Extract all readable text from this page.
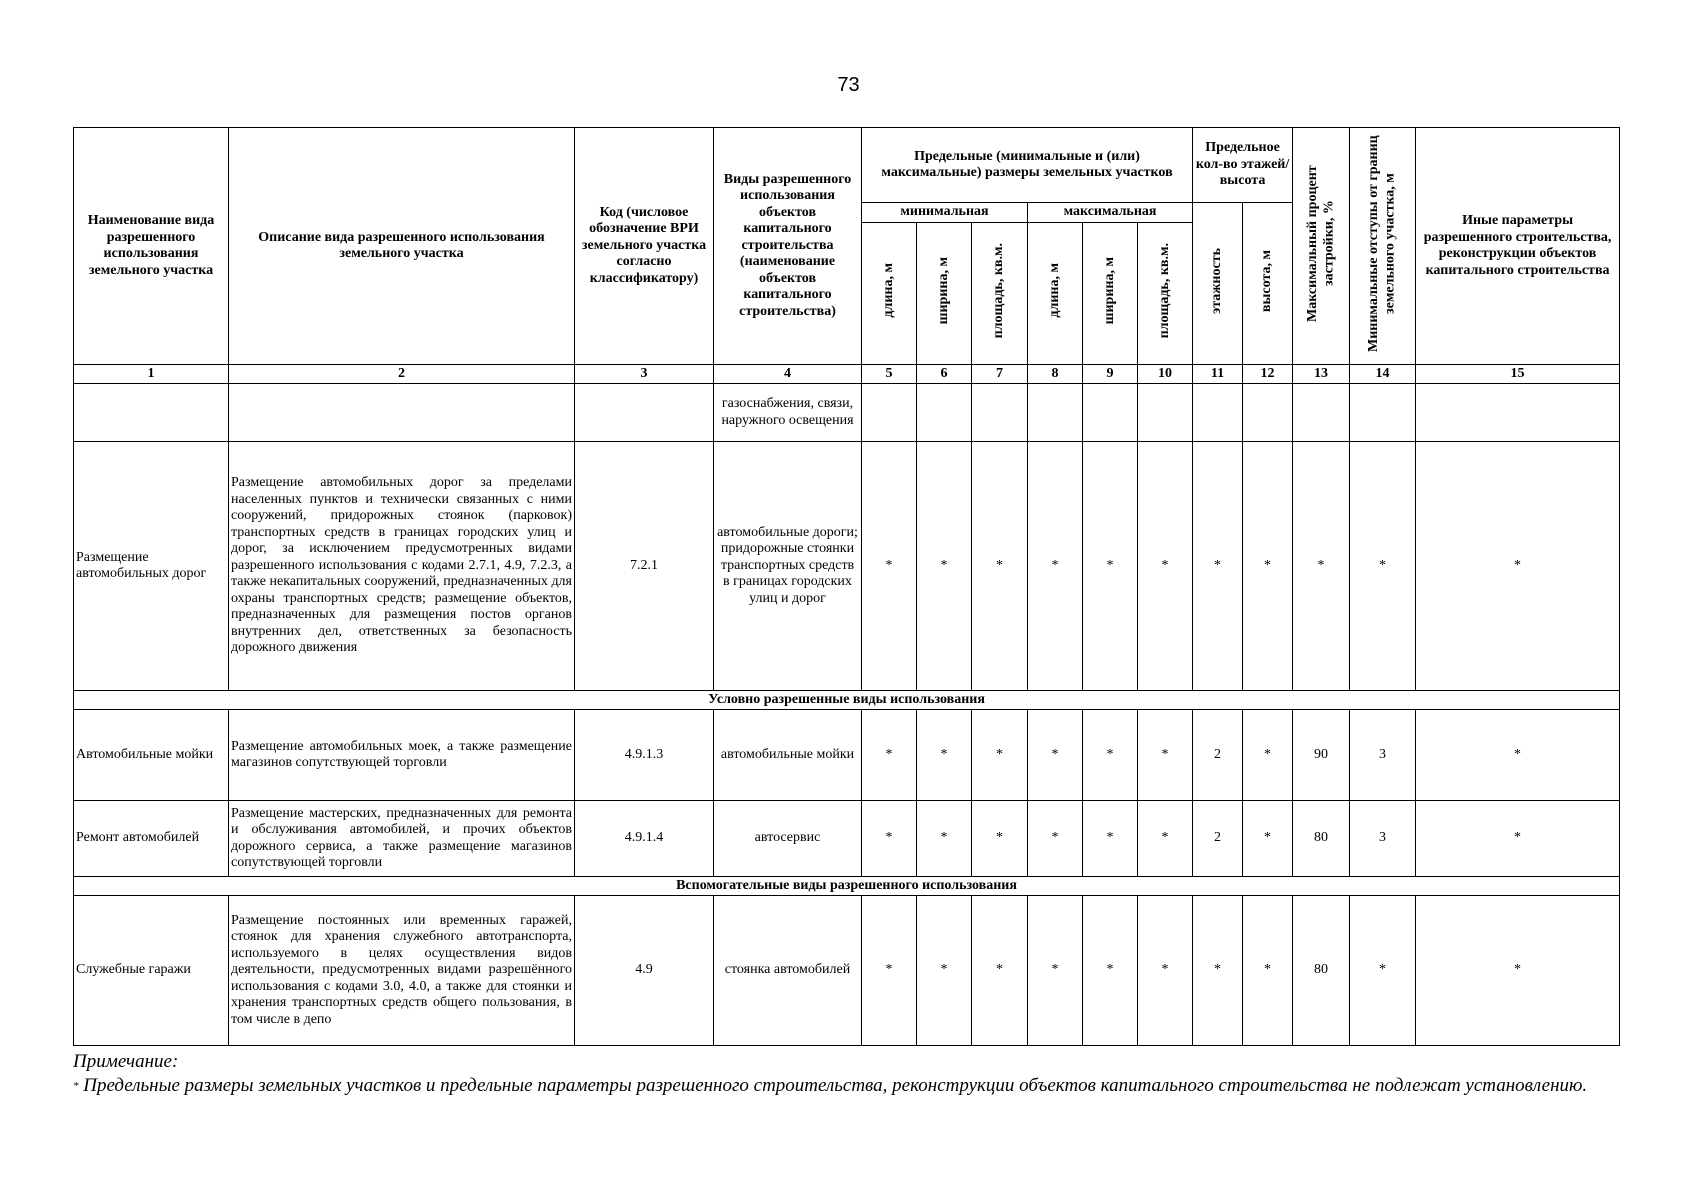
73
Наименование вида разрешенного использования земельного участка	Описание вида разрешенного использования земельного участка	Код (числовое обозначение ВРИ земельного участка согласно классификатору)	Виды разрешенного использования объектов капитального строительства (наименование объектов капитального строительства)	Предельные (минимальные и (или) максимальные) размеры земельных участков						Предельное кол-во этажей/ высота		Максимальный процент застройки, %	Минимальные отступы от границ земельного участка, м	Иные параметры разрешенного строительства, реконструкции объектов капитального строительства
				минимальная			максимальная			этажность	высота, м			
				длина, м	ширина, м	площадь, кв.м.	длина, м	ширина, м	площадь, кв.м.					
1	2	3	4	5	6	7	8	9	10	11	12	13	14	15
			газоснабжения, связи, наружного освещения											
Размещение автомобильных дорог	Размещение автомобильных дорог за пределами населенных пунктов и технически связанных с ними сооружений, придорожных стоянок (парковок) транспортных средств в границах городских улиц и дорог, за исключением предусмотренных видами разрешенного использования с кодами 2.7.1, 4.9, 7.2.3, а также некапитальных сооружений, предназначенных для охраны транспортных средств; размещение объектов, предназначенных для размещения постов органов внутренних дел, ответственных за безопасность дорожного движения	7.2.1	автомобильные дороги; придорожные стоянки транспортных средств в границах городских улиц и дорог	*	*	*	*	*	*	*	*	*	*	*
Условно разрешенные виды использования														
Автомобильные мойки	Размещение автомобильных моек, а также размещение магазинов сопутствующей торговли	4.9.1.3	автомобильные мойки	*	*	*	*	*	*	2	*	90	3	*
Ремонт автомобилей	Размещение мастерских, предназначенных для ремонта и обслуживания автомобилей, и прочих объектов дорожного сервиса, а также размещение магазинов сопутствующей торговли	4.9.1.4	автосервис	*	*	*	*	*	*	2	*	80	3	*
Вспомогательные виды разрешенного использования														
Служебные гаражи	Размещение постоянных или временных гаражей, стоянок для хранения служебного автотранспорта, используемого в целях осуществления видов деятельности, предусмотренных видами разрешённого использования с кодами 3.0, 4.0, а также для стоянки и хранения транспортных средств общего пользования, в том числе в депо	4.9	стоянка автомобилей	*	*	*	*	*	*	*	*	80	*	*
Примечание:
* Предельные размеры земельных участков и предельные параметры разрешенного строительства, реконструкции объектов капитального строительства не подлежат установлению.
